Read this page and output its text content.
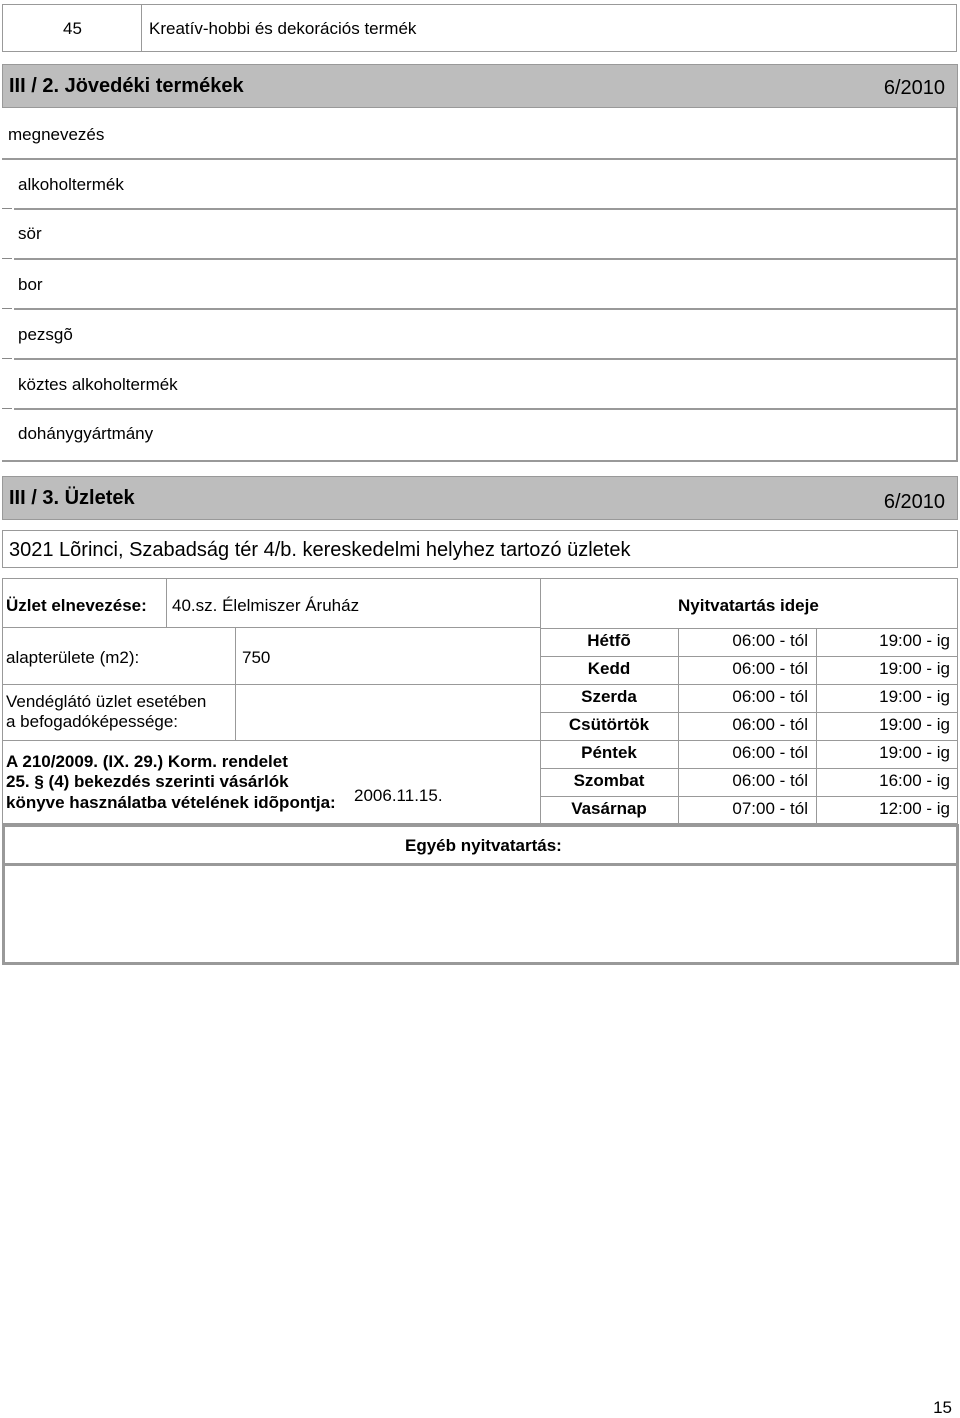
45	Kreatív-hobbi és dekorációs termék
III / 2. Jövedéki termékek	6/2010
megnevezés
alkoholtermék
sör
bor
pezsgõ
köztes alkoholtermék
dohánygyártmány
III / 3. Üzletek	6/2010
3021 Lõrinci, Szabadság tér 4/b. kereskedelmi helyhez tartozó üzletek
Üzlet elnevezése: 40.sz. Élelmiszer Áruház	Nyitvatartás ideje
alapterülete (m2):	750
Vendéglátó üzlet esetében
a befogadóképessége:
A 210/2009. (IX. 29.) Korm. rendelet
25. § (4) bekezdés szerinti vásárlók
könyve használatba vételének idõpontja: 2006.11.15.
Hétfõ	06:00 - tól	19:00 - ig
Kedd	06:00 - tól	19:00 - ig
Szerda	06:00 - tól	19:00 - ig
Csütörtök	06:00 - tól	19:00 - ig
Péntek	06:00 - tól	19:00 - ig
Szombat	06:00 - tól	16:00 - ig
Vasárnap	07:00 - tól	12:00 - ig
Egyéb nyitvatartás:
15
